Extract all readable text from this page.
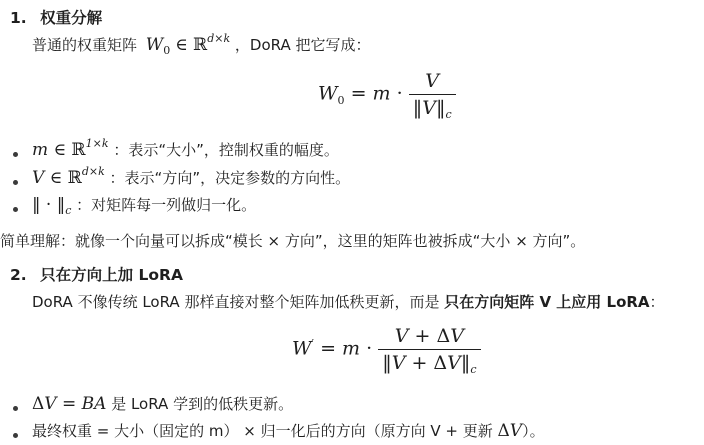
1. 权重分解
普通的权重矩阵 $W_0$ ∈ ℝ$^{d\times k}$ ，DoRA 把它写成：
$W_0 = m \cdot \frac{V}{‖V‖_c}$
m ∈ ℝ$^{1\times k}$ ：表示“大小”，控制权重的幅度。
V ∈ ℝ$^{d\times k}$ ：表示“方向”，决定参数的方向性。
‖ · $‖_c$ ：对矩阵每一列做归一化。
简单理解：就像一个向量可以拆成“模长 × 方向”，这里的矩阵也被拆成“大小 × 方向”。
2. 只在方向上加 LoRA
DoRA 不像传统 LoRA 那样直接对整个矩阵加低秩更新，而是 只在方向矩阵 V 上应用 LoRA：
$W' = m \cdot \frac{V + \Delta V}{‖V + \Delta V‖_c}$
ΔV = BA 是 LoRA 学到的低秩更新。
最终权重 = 大小（固定的 m） × 归一化后的方向（原方向 V + 更新 ΔV）。
